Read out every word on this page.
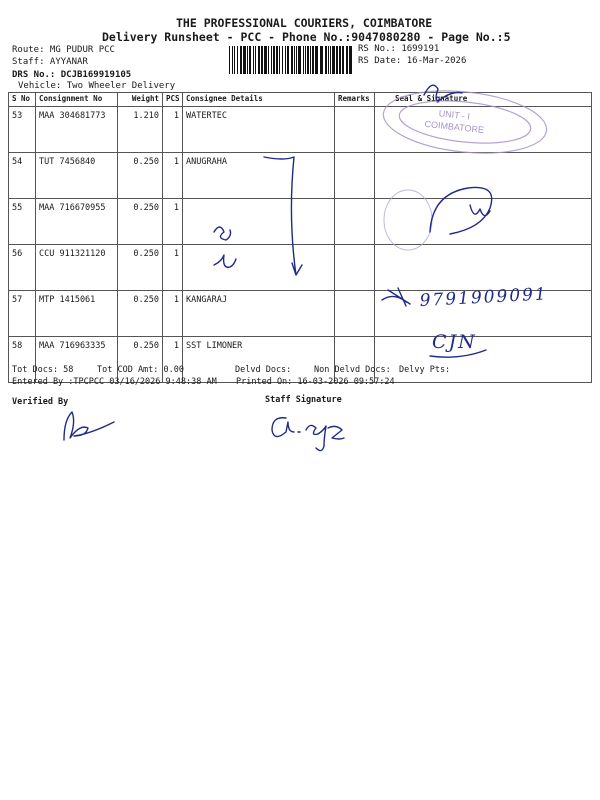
THE PROFESSIONAL COURIERS, COIMBATORE
Delivery Runsheet - PCC - Phone No.:9047080280 - Page No.:5
Route: MG PUDUR PCC
Staff: AYYANAR
DRS No.: DCJB169919105
Vehicle: Two Wheeler Delivery
RS No.: 1699191
RS Date: 16-Mar-2026
S No	Consignment No	Weight	PCS	Consignee Details	Remarks	Seal & Signature
53	MAA 304681773	1.210	1	WATERTEC		
54	TUT 7456840	0.250	1	ANUGRAHA		
55	MAA 716670955	0.250	1			
56	CCU 911321120	0.250	1			
57	MTP 1415061	0.250	1	KANGARAJ		
58	MAA 716963335	0.250	1	SST LIMONER		
Tot Docs: 58	Tot COD Amt: 0.00	Delvd Docs:	Non Delvd Docs: Delvy Pts:
Entered By :TPCPCC 03/16/2026 9:48:38 AM Printed On: 16-03-2026 09:57:24
Verified By	Staff Signature
UNIT - I
COIMBATORE
9791909091
CJN
